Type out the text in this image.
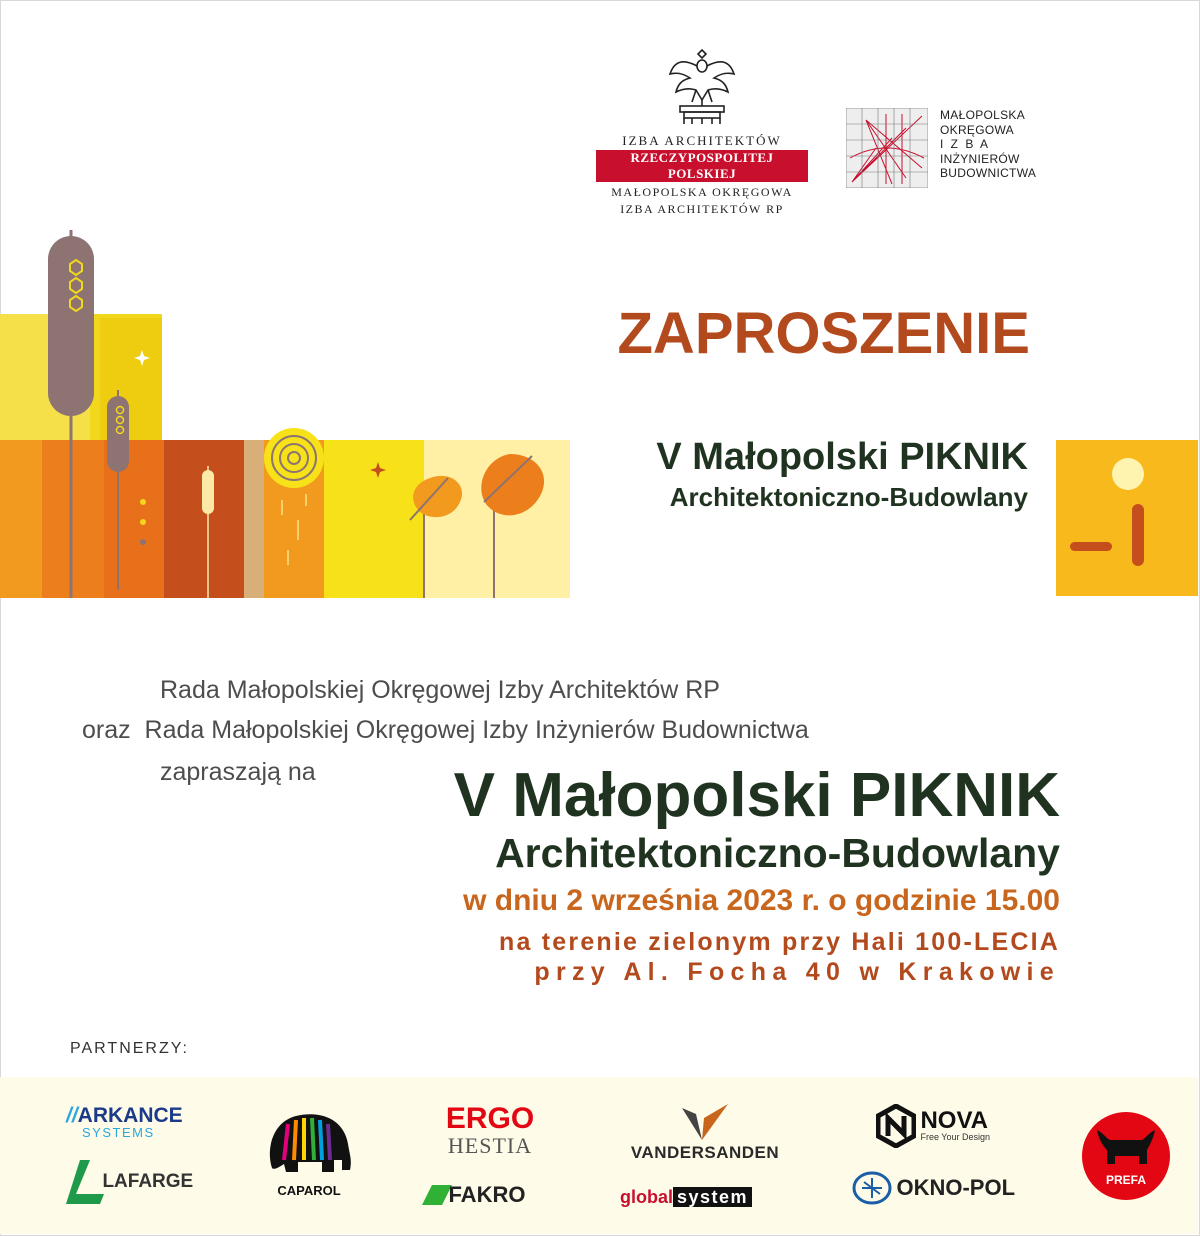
IZBA ARCHITEKTÓW
RZECZYPOSPOLITEJ POLSKIEJ
MAŁOPOLSKA OKRĘGOWA
IZBA ARCHITEKTÓW RP
MAŁOPOLSKA
OKRĘGOWA
I Z B A
INŻYNIERÓW
BUDOWNICTWA
ZAPROSZENIE
V Małopolski PIKNIK
Architektoniczno-Budowlany
Rada Małopolskiej Okręgowej Izby Architektów RP
oraz Rada Małopolskiej Okręgowej Izby Inżynierów Budownictwa
zapraszają na	V Małopolski PIKNIK
Architektoniczno-Budowlany
w dniu 2 września 2023 r. o godzinie 15.00
na terenie zielonym przy Hali 100-LECIA
przy Al. Focha 40 w Krakowie
PARTNERZY:
//ARKANCE
SYSTEMS
LAFARGE	CAPAROL
ERGO
HESTIA
FAKRO
VANDERSANDEN
global system

NOVA
Free Your Design
OKNO-POL	PREFA
